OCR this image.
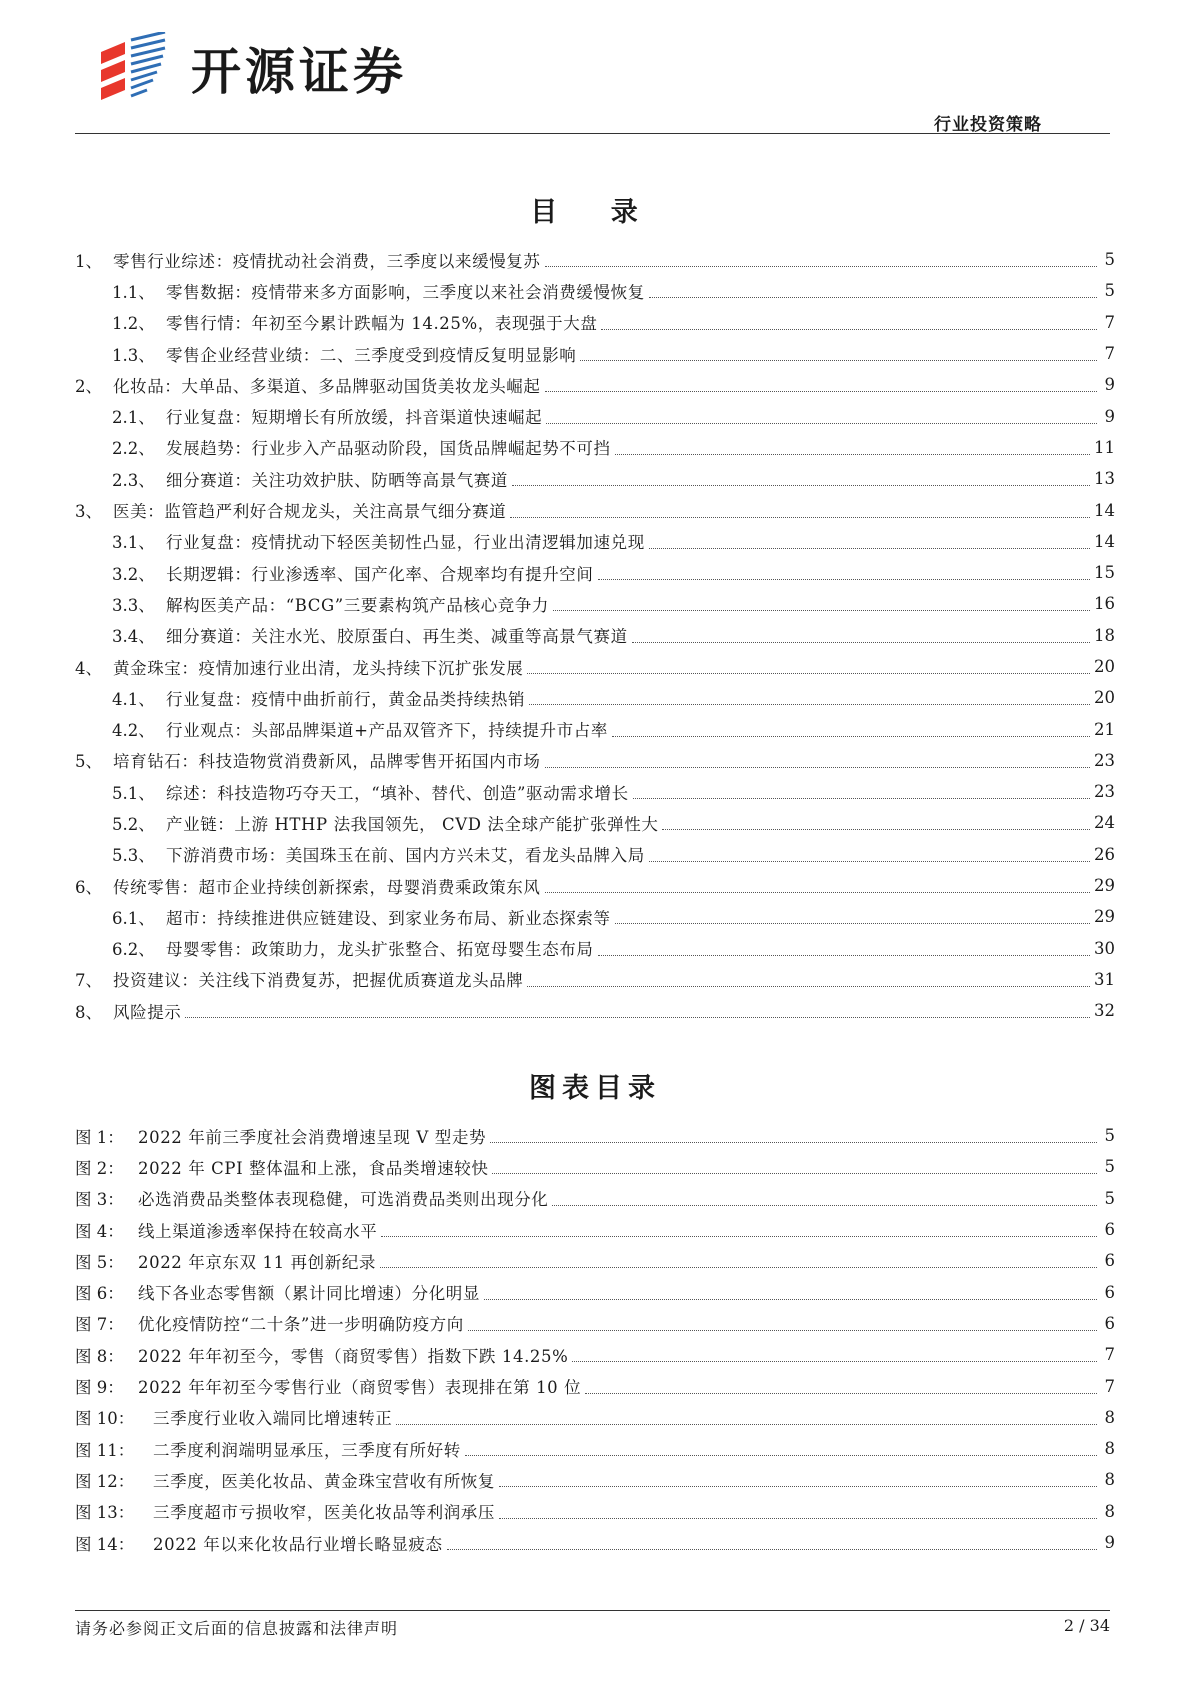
开源证券
行业投资策略
目 录
1、 零售行业综述：疫情扰动社会消费，三季度以来缓慢复苏	5
1.1、 零售数据：疫情带来多方面影响，三季度以来社会消费缓慢恢复	5
1.2、 零售行情：年初至今累计跌幅为 14.25%，表现强于大盘	7
1.3、 零售企业经营业绩：二、三季度受到疫情反复明显影响	7
2、 化妆品：大单品、多渠道、多品牌驱动国货美妆龙头崛起	9
2.1、 行业复盘：短期增长有所放缓，抖音渠道快速崛起	9
2.2、 发展趋势：行业步入产品驱动阶段，国货品牌崛起势不可挡	11
2.3、 细分赛道：关注功效护肤、防晒等高景气赛道	13
3、 医美：监管趋严利好合规龙头，关注高景气细分赛道	14
3.1、 行业复盘：疫情扰动下轻医美韧性凸显，行业出清逻辑加速兑现	14
3.2、 长期逻辑：行业渗透率、国产化率、合规率均有提升空间	15
3.3、 解构医美产品：“BCG”三要素构筑产品核心竞争力	16
3.4、 细分赛道：关注水光、胶原蛋白、再生类、减重等高景气赛道	18
4、 黄金珠宝：疫情加速行业出清，龙头持续下沉扩张发展	20
4.1、 行业复盘：疫情中曲折前行，黄金品类持续热销	20
4.2、 行业观点：头部品牌渠道+产品双管齐下，持续提升市占率	21
5、 培育钻石：科技造物赏消费新风，品牌零售开拓国内市场	23
5.1、 综述：科技造物巧夺天工，“填补、替代、创造”驱动需求增长	23
5.2、 产业链：上游 HTHP 法我国领先， CVD 法全球产能扩张弹性大	24
5.3、 下游消费市场：美国珠玉在前、国内方兴未艾，看龙头品牌入局	26
6、 传统零售：超市企业持续创新探索，母婴消费乘政策东风	29
6.1、 超市：持续推进供应链建设、到家业务布局、新业态探索等	29
6.2、 母婴零售：政策助力，龙头扩张整合、拓宽母婴生态布局	30
7、 投资建议：关注线下消费复苏，把握优质赛道龙头品牌	31
8、 风险提示	32
图表目录
图 1： 2022 年前三季度社会消费增速呈现 V 型走势	5
图 2： 2022 年 CPI 整体温和上涨，食品类增速较快	5
图 3： 必选消费品类整体表现稳健，可选消费品类则出现分化	5
图 4： 线上渠道渗透率保持在较高水平	6
图 5： 2022 年京东双 11 再创新纪录	6
图 6： 线下各业态零售额（累计同比增速）分化明显	6
图 7： 优化疫情防控“二十条”进一步明确防疫方向	6
图 8： 2022 年年初至今，零售（商贸零售）指数下跌 14.25%	7
图 9： 2022 年年初至今零售行业（商贸零售）表现排在第 10 位	7
图 10：	三季度行业收入端同比增速转正	8
图 11：	二季度利润端明显承压，三季度有所好转	8
图 12：	三季度，医美化妆品、黄金珠宝营收有所恢复	8
图 13：	三季度超市亏损收窄，医美化妆品等利润承压	8
图 14：	2022 年以来化妆品行业增长略显疲态	9
请务必参阅正文后面的信息披露和法律声明	2 / 34
